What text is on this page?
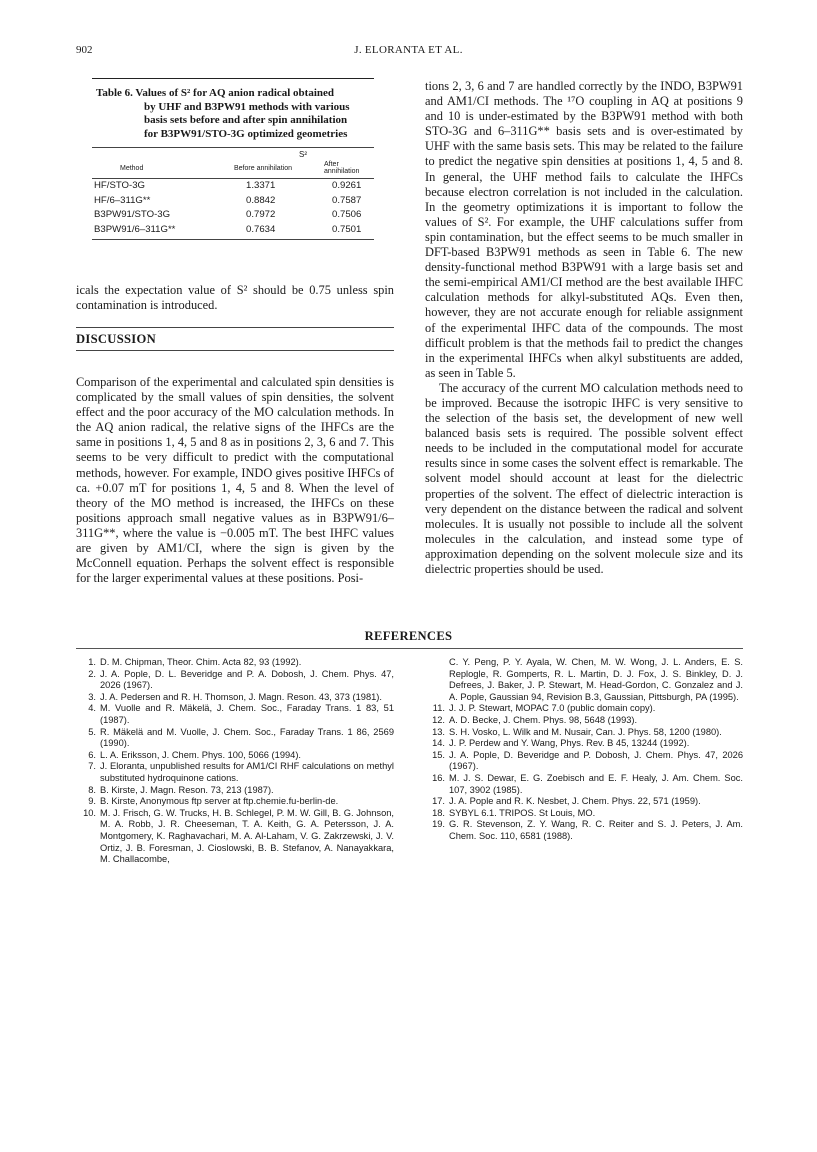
902	J. ELORANTA ET AL.
Table 6. Values of S² for AQ anion radical obtained
by UHF and B3PW91 methods with various
basis sets before and after spin annihilation
for B3PW91/STO-3G optimized geometries
	S²	
Method	Before annihilation	After annihilation
HF/STO-3G	1.3371	0.9261
HF/6–311G**	0.8842	0.7587
B3PW91/STO-3G	0.7972	0.7506
B3PW91/6–311G**	0.7634	0.7501

icals the expectation value of S² should be 0.75 unless spin contamination is introduced.

DISCUSSION

Comparison of the experimental and calculated spin densities is complicated by the small values of spin densities, the solvent effect and the poor accuracy of the MO calculation methods. In the AQ anion radical, the relative signs of the IHFCs are the same in positions 1, 4, 5 and 8 as in positions 2, 3, 6 and 7. This seems to be very difficult to predict with the computational methods, however. For example, INDO gives positive IHFCs of ca. +0.07 mT for positions 1, 4, 5 and 8. When the level of theory of the MO method is increased, the IHFCs on these positions approach small negative values as in B3PW91/6–311G**, where the value is −0.005 mT. The best IHFC values are given by AM1/CI, where the sign is given by the McConnell equation. Perhaps the solvent effect is responsible for the larger experimental values at these positions. Posi-

tions 2, 3, 6 and 7 are handled correctly by the INDO, B3PW91 and AM1/CI methods. The ¹⁷O coupling in AQ at positions 9 and 10 is under-estimated by the B3PW91 method with both STO-3G and 6–311G** basis sets and is over-estimated by UHF with the same basis sets. This may be related to the failure to predict the negative spin densities at positions 1, 4, 5 and 8. In general, the UHF method fails to calculate the IHFCs because electron correlation is not included in the calculation. In the geometry optimizations it is important to follow the values of S². For example, the UHF calculations suffer from spin contamination, but the effect seems to be much smaller in DFT-based B3PW91 methods as seen in Table 6. The new density-functional method B3PW91 with a large basis set and the semi-empirical AM1/CI method are the best available IHFC calculation methods for alkyl-substituted AQs. Even then, however, they are not accurate enough for reliable assignment of the experimental IHFC data of the compounds. The most difficult problem is that the methods fail to predict the changes in the experimental IHFCs when alkyl substituents are added, as seen in Table 5.

The accuracy of the current MO calculation methods need to be improved. Because the isotropic IHFC is very sensitive to the selection of the basis set, the development of new well balanced basis sets is required. The possible solvent effect needs to be included in the computational model for accurate results since in some cases the solvent effect is remarkable. The solvent model should account at least for the dielectric properties of the solvent. The effect of dielectric interaction is very dependent on the distance between the radical and solvent molecules. It is usually not possible to include all the solvent molecules in the calculation, and instead some type of approximation depending on the solvent molecule size and its dielectric properties should be used.

REFERENCES
1. D. M. Chipman, Theor. Chim. Acta 82, 93 (1992).
2. J. A. Pople, D. L. Beveridge and P. A. Dobosh, J. Chem. Phys. 47, 2026 (1967).
3. J. A. Pedersen and R. H. Thomson, J. Magn. Reson. 43, 373 (1981).
4. M. Vuolle and R. Mäkelä, J. Chem. Soc., Faraday Trans. 1 83, 51 (1987).
5. R. Mäkelä and M. Vuolle, J. Chem. Soc., Faraday Trans. 1 86, 2569 (1990).
6. L. A. Eriksson, J. Chem. Phys. 100, 5066 (1994).
7. J. Eloranta, unpublished results for AM1/CI RHF calculations on methyl substituted hydroquinone cations.
8. B. Kirste, J. Magn. Reson. 73, 213 (1987).
9. B. Kirste, Anonymous ftp server at ftp.chemie.fu-berlin-de.
10. M. J. Frisch, G. W. Trucks, H. B. Schlegel, P. M. W. Gill, B. G. Johnson, M. A. Robb, J. R. Cheeseman, T. A. Keith, G. A. Petersson, J. A. Montgomery, K. Raghavachari, M. A. Al-Laham, V. G. Zakrzewski, J. V. Ortiz, J. B. Foresman, J. Cioslowski, B. B. Stefanov, A. Nanayakkara, M. Challacombe,
C. Y. Peng, P. Y. Ayala, W. Chen, M. W. Wong, J. L. Anders, E. S. Replogle, R. Gomperts, R. L. Martin, D. J. Fox, J. S. Binkley, D. J. Defrees, J. Baker, J. P. Stewart, M. Head-Gordon, C. Gonzalez and J. A. Pople, Gaussian 94, Revision B.3, Gaussian, Pittsburgh, PA (1995).
11. J. J. P. Stewart, MOPAC 7.0 (public domain copy).
12. A. D. Becke, J. Chem. Phys. 98, 5648 (1993).
13. S. H. Vosko, L. Wilk and M. Nusair, Can. J. Phys. 58, 1200 (1980).
14. J. P. Perdew and Y. Wang, Phys. Rev. B 45, 13244 (1992).
15. J. A. Pople, D. Beveridge and P. Dobosh, J. Chem. Phys. 47, 2026 (1967).
16. M. J. S. Dewar, E. G. Zoebisch and E. F. Healy, J. Am. Chem. Soc. 107, 3902 (1985).
17. J. A. Pople and R. K. Nesbet, J. Chem. Phys. 22, 571 (1959).
18. SYBYL 6.1. TRIPOS. St Louis, MO.
19. G. R. Stevenson, Z. Y. Wang, R. C. Reiter and S. J. Peters, J. Am. Chem. Soc. 110, 6581 (1988).
